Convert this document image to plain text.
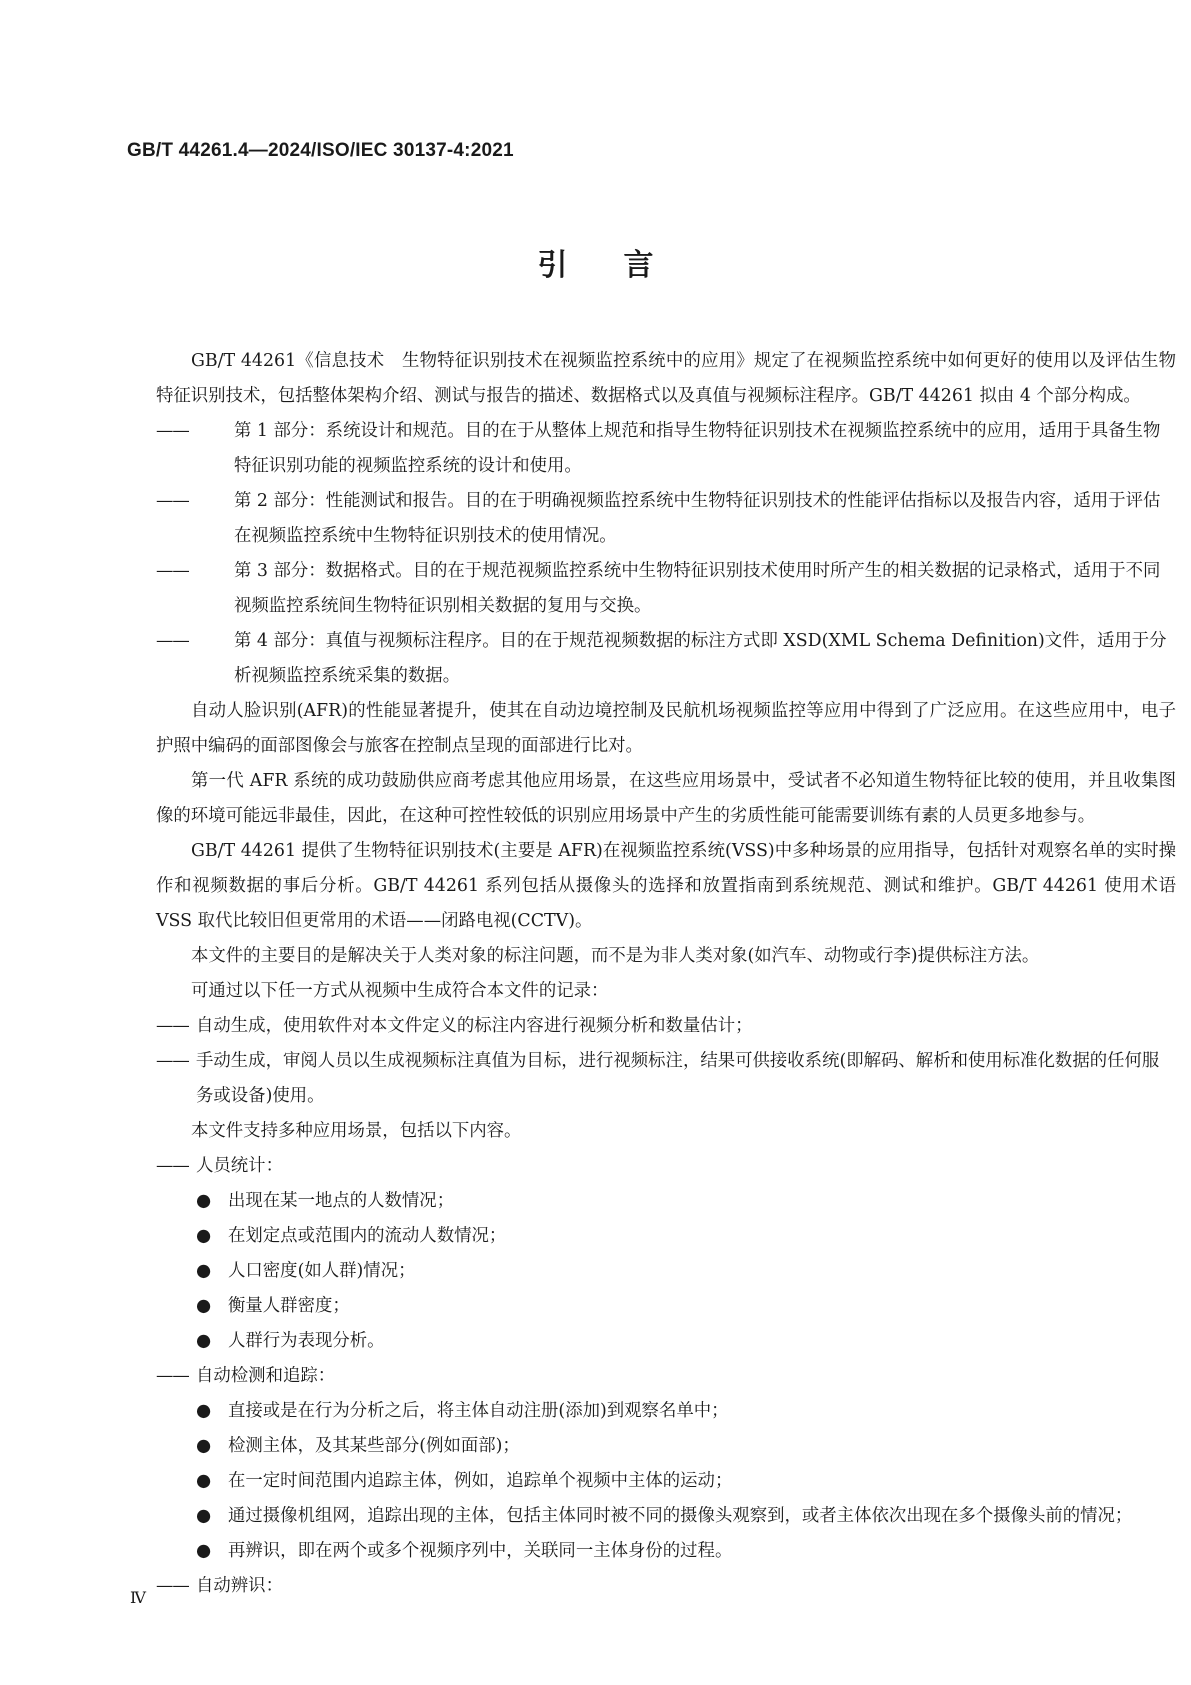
GB/T 44261.4—2024/ISO/IEC 30137-4:2021
引言

GB/T 44261《信息技术　生物特征识别技术在视频监控系统中的应用》规定了在视频监控系统中如何更好的使用以及评估生物特征识别技术，包括整体架构介绍、测试与报告的描述、数据格式以及真值与视频标注程序。GB/T 44261 拟由 4 个部分构成。

——	第 1 部分：系统设计和规范。目的在于从整体上规范和指导生物特征识别技术在视频监控系统中的应用，适用于具备生物特征识别功能的视频监控系统的设计和使用。

——	第 2 部分：性能测试和报告。目的在于明确视频监控系统中生物特征识别技术的性能评估指标以及报告内容，适用于评估在视频监控系统中生物特征识别技术的使用情况。

——	第 3 部分：数据格式。目的在于规范视频监控系统中生物特征识别技术使用时所产生的相关数据的记录格式，适用于不同视频监控系统间生物特征识别相关数据的复用与交换。

——	第 4 部分：真值与视频标注程序。目的在于规范视频数据的标注方式即 XSD(XML Schema Definition)文件，适用于分析视频监控系统采集的数据。

自动人脸识别(AFR)的性能显著提升，使其在自动边境控制及民航机场视频监控等应用中得到了广泛应用。在这些应用中，电子护照中编码的面部图像会与旅客在控制点呈现的面部进行比对。

第一代 AFR 系统的成功鼓励供应商考虑其他应用场景，在这些应用场景中，受试者不必知道生物特征比较的使用，并且收集图像的环境可能远非最佳，因此，在这种可控性较低的识别应用场景中产生的劣质性能可能需要训练有素的人员更多地参与。

GB/T 44261 提供了生物特征识别技术(主要是 AFR)在视频监控系统(VSS)中多种场景的应用指导，包括针对观察名单的实时操作和视频数据的事后分析。GB/T 44261 系列包括从摄像头的选择和放置指南到系统规范、测试和维护。GB/T 44261 使用术语 VSS 取代比较旧但更常用的术语——闭路电视(CCTV)。

本文件的主要目的是解决关于人类对象的标注问题，而不是为非人类对象(如汽车、动物或行李)提供标注方法。

可通过以下任一方式从视频中生成符合本文件的记录：

—— 自动生成，使用软件对本文件定义的标注内容进行视频分析和数量估计；

—— 手动生成，审阅人员以生成视频标注真值为目标，进行视频标注，结果可供接收系统(即解码、解析和使用标准化数据的任何服务或设备)使用。

本文件支持多种应用场景，包括以下内容。

—— 人员统计：

● 出现在某一地点的人数情况；
● 在划定点或范围内的流动人数情况；
● 人口密度(如人群)情况；
● 衡量人群密度；
● 人群行为表现分析。

—— 自动检测和追踪：

● 直接或是在行为分析之后，将主体自动注册(添加)到观察名单中；
● 检测主体，及其某些部分(例如面部)；
● 在一定时间范围内追踪主体，例如，追踪单个视频中主体的运动；
● 通过摄像机组网，追踪出现的主体，包括主体同时被不同的摄像头观察到，或者主体依次出现在多个摄像头前的情况；
● 再辨识，即在两个或多个视频序列中，关联同一主体身份的过程。

—— 自动辨识：

Ⅳ
